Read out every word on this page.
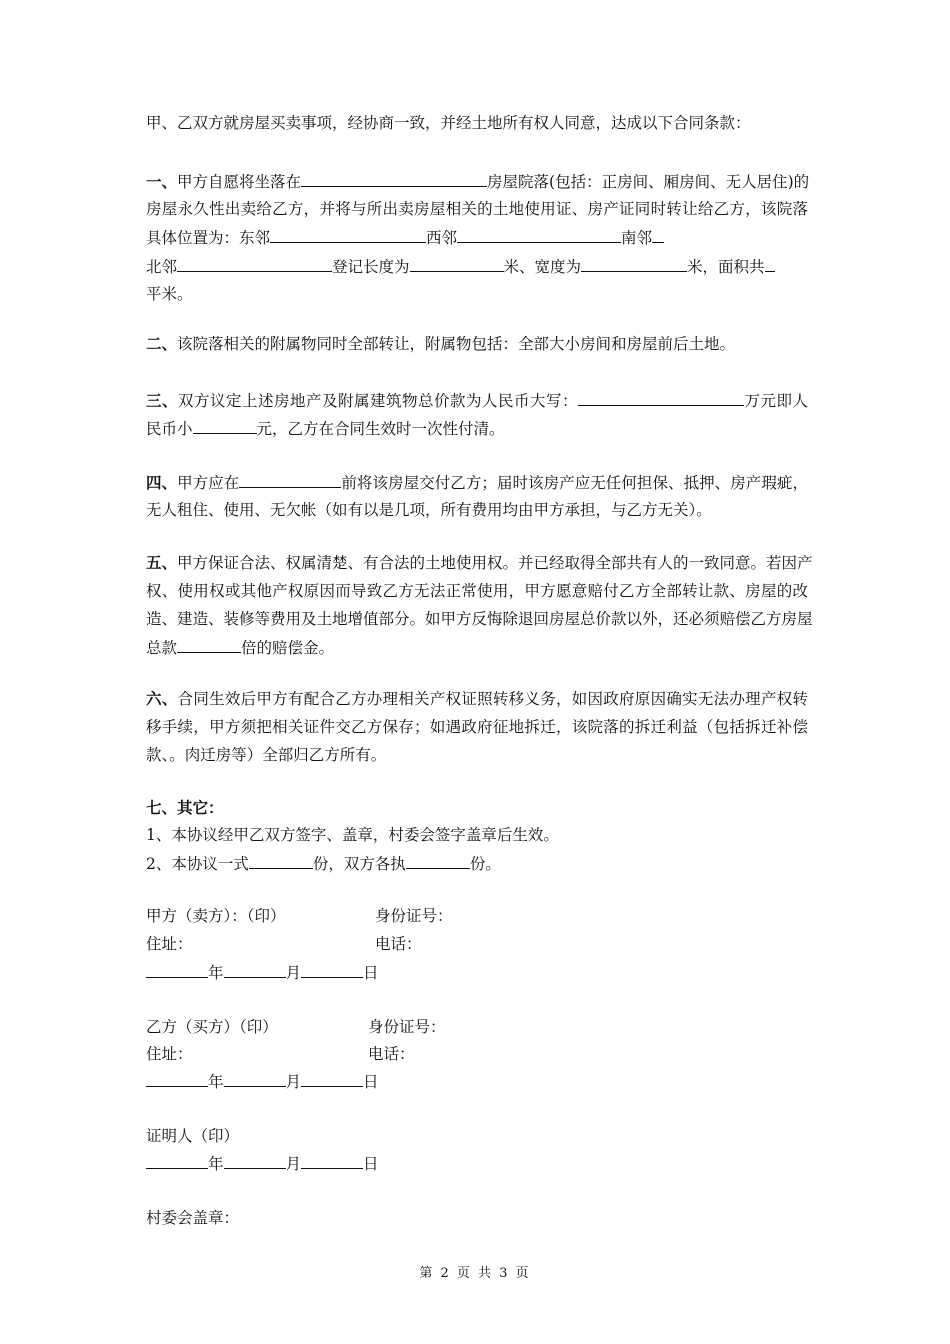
甲、乙双方就房屋买卖事项，经协商一致，并经土地所有权人同意，达成以下合同条款：
一、甲方自愿将坐落在	房屋院落(包括：正房间、厢房间、无人居住)的
房屋永久性出卖给乙方，并将与所出卖房屋相关的土地使用证、房产证同时转让给乙方，该院落
具体位置为：东邻	西邻	南邻
北邻	登记长度为	米、宽度为	米，面积共
平米。
二、该院落相关的附属物同时全部转让，附属物包括：全部大小房间和房屋前后土地。
三、双方议定上述房地产及附属建筑物总价款为人民币大写：	万元即人
民币小	元，乙方在合同生效时一次性付清。
四、甲方应在	前将该房屋交付乙方；届时该房产应无任何担保、抵押、房产瑕疵，
无人租住、使用、无欠帐（如有以是几项，所有费用均由甲方承担，与乙方无关）。
五、甲方保证合法、权属清楚、有合法的土地使用权。并已经取得全部共有人的一致同意。若因产
权、使用权或其他产权原因而导致乙方无法正常使用，甲方愿意赔付乙方全部转让款、房屋的改
造、建造、装修等费用及土地增值部分。如甲方反悔除退回房屋总价款以外，还必须赔偿乙方房屋
总款	倍的赔偿金。
六、合同生效后甲方有配合乙方办理相关产权证照转移义务，如因政府原因确实无法办理产权转
移手续，甲方须把相关证件交乙方保存；如遇政府征地拆迁，该院落的拆迁利益（包括拆迁补偿
款、。肉迁房等）全部归乙方所有。
七、其它：
1、本协议经甲乙双方签字、盖章，村委会签字盖章后生效。
2、本协议一式	份，双方各执	份。
甲方（卖方）：（印）	身份证号：
住址：	电话：
年	月	日
乙方（买方）（印）	身份证号：
住址：	电话：
年	月	日
证明人（印）
年	月	日
村委会盖章：
第 2 页 共 3 页
